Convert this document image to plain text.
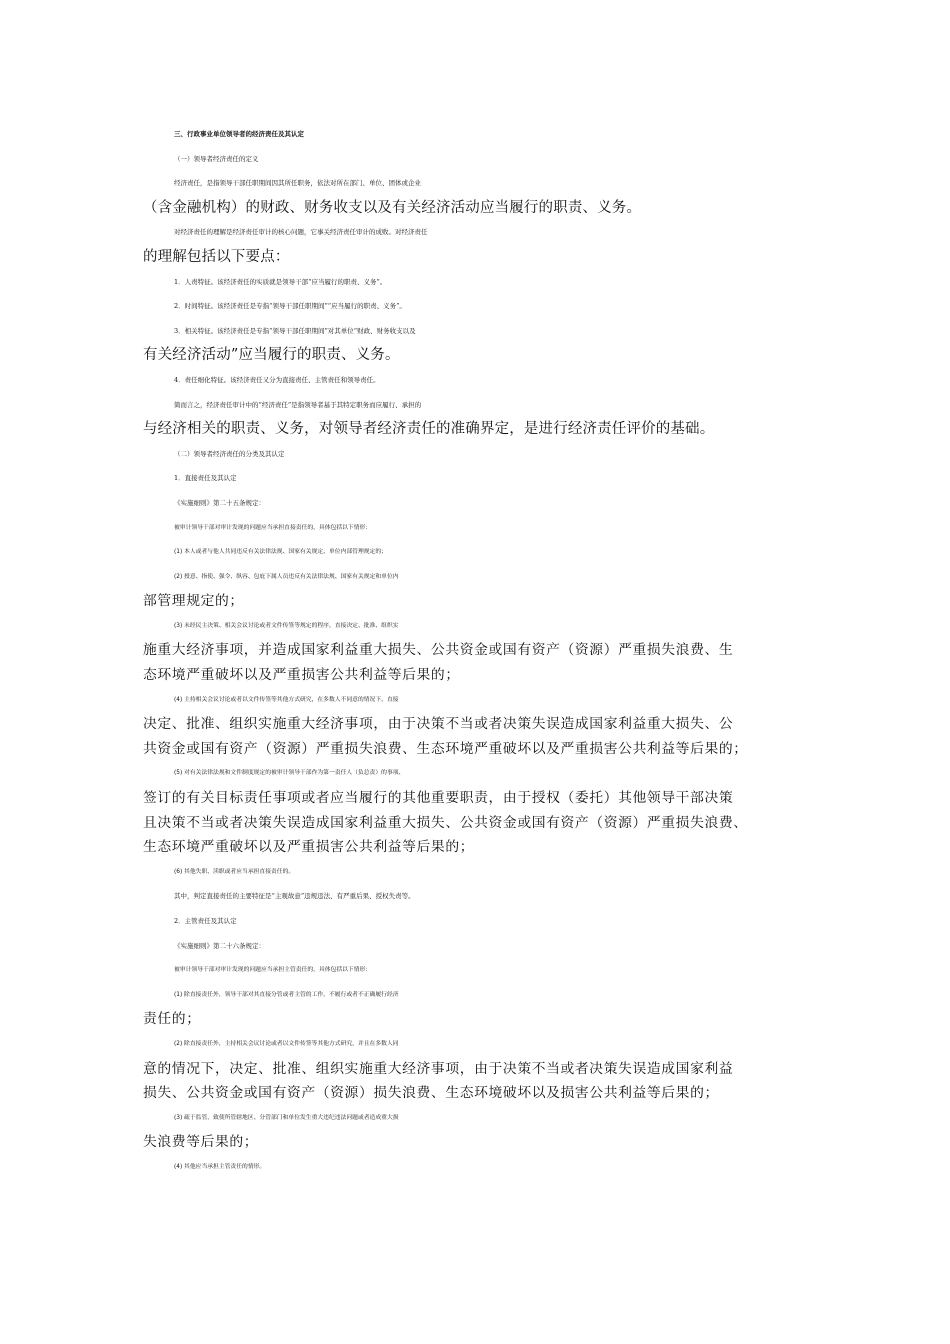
三、行政事业单位领导者的经济责任及其认定
（一）领导者经济责任的定义
经济责任，是指领导干部任职期间因其所任职务，依法对所在部门、单位、团体或企业
（含金融机构）的财政、财务收支以及有关经济活动应当履行的职责、义务。
对经济责任的理解是经济责任审计的核心问题，它事关经济责任审计的成败。对经济责任
的理解包括以下要点：
1．人责特征。该经济责任的实质就是领导干部“应当履行的职责、义务”。
2．时间特征。该经济责任是专指“领导干部任职期间”“应当履行的职责、义务”。
3．相关特征。该经济责任是专指“领导干部任职期间”对其单位“财政、财务收支以及
有关经济活动”应当履行的职责、义务。
4．责任细化特征。该经济责任又分为直接责任、主管责任和领导责任。
简而言之，经济责任审计中的“经济责任”是指领导者基于其特定职务而应履行、承担的
与经济相关的职责、义务，对领导者经济责任的准确界定，是进行经济责任评价的基础。
（二）领导者经济责任的分类及其认定
1．直接责任及其认定
《实施细则》第二十五条规定：
被审计领导干部对审计发现的问题应当承担直接责任的，具体包括以下情形：
(1) 本人或者与他人共同违反有关法律法规、国家有关规定、单位内部管理规定的；
(2) 授意、指使、强令、纵容、包庇下属人员违反有关法律法规、国家有关规定和单位内
部管理规定的；
(3) 未经民主决策、相关会议讨论或者文件传签等规定的程序，直接决定、批准、组织实
施重大经济事项，并造成国家利益重大损失、公共资金或国有资产（资源）严重损失浪费、生
态环境严重破坏以及严重损害公共利益等后果的；
(4) 主持相关会议讨论或者以文件传签等其他方式研究，在多数人不同意的情况下，直接
决定、批准、组织实施重大经济事项，由于决策不当或者决策失误造成国家利益重大损失、公
共资金或国有资产（资源）严重损失浪费、生态环境严重破坏以及严重损害公共利益等后果的；
(5) 对有关法律法规和文件制度规定的被审计领导干部作为第一责任人（负总责）的事项、
签订的有关目标责任事项或者应当履行的其他重要职责，由于授权（委托）其他领导干部决策
且决策不当或者决策失误造成国家利益重大损失、公共资金或国有资产（资源）严重损失浪费、
生态环境严重破坏以及严重损害公共利益等后果的；
(6) 其他失职、渎职或者应当承担直接责任的。
其中，判定直接责任的主要特征是“主观故意”违规违法、有严重后果、授权失责等。
2．主管责任及其认定
《实施细则》第二十六条规定：
被审计领导干部对审计发现的问题应当承担主管责任的，具体包括以下情形：
(1) 除直接责任外，领导干部对其直接分管或者主管的工作，不履行或者不正确履行经济
责任的；
(2) 除直接责任外，主持相关会议讨论或者以文件传签等其他方式研究，并且在多数人同
意的情况下，决定、批准、组织实施重大经济事项，由于决策不当或者决策失误造成国家利益
损失、公共资金或国有资产（资源）损失浪费、生态环境破坏以及损害公共利益等后果的；
(3) 疏于监管，致使所管辖地区、分管部门和单位发生重大违纪违法问题或者造成重大损
失浪费等后果的；
(4) 其他应当承担主管责任的情形。
